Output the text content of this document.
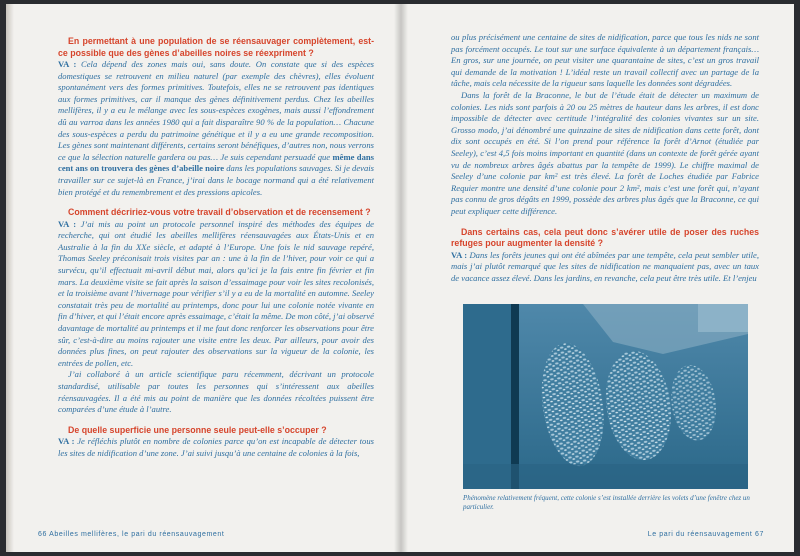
En permettant à une population de se réensauvager complètement, est-ce possible que des gènes d’abeilles noires se réexpriment ?

VA : Cela dépend des zones mais oui, sans doute. On constate que si des espèces domestiques se retrouvent en milieu naturel (par exemple des chèvres), elles évoluent spontanément vers des formes primitives. Toutefois, elles ne se retrouvent pas identiques aux formes primitives, car il manque des gènes définitivement perdus. Chez les abeilles mellifères, il y a eu le mélange avec les sous-espèces exogènes, mais aussi l’effondrement dû au varroa dans les années 1980 qui a fait disparaître 90 % de la population… Chacune des sous-espèces a perdu du patrimoine génétique et il y a eu une grande recomposition. Les gènes sont maintenant différents, certains seront bénéfiques, d’autres non, nous verrons ce que la sélection naturelle gardera ou pas… Je suis cependant persuadé que même dans cent ans on trouvera des gènes d’abeille noire dans les populations sauvages. Si je devais travailler sur ce sujet-là en France, j’irai dans le bocage normand qui a été relativement bien protégé et du remembrement et des pressions apicoles.

Comment décririez-vous votre travail d’observation et de recensement ?

VA : J’ai mis au point un protocole personnel inspiré des méthodes des équipes de recherche, qui ont étudié les abeilles mellifères réensauvagées aux États-Unis et en Australie à la fin du XXe siècle, et adapté à l’Europe. Une fois le nid sauvage repéré, Thomas Seeley préconisait trois visites par an : une à la fin de l’hiver, pour voir ce qui a survécu, qu’il effectuait mi-avril début mai, alors qu’ici je la fais entre fin février et fin mars. La deuxième visite se fait après la saison d’essaimage pour voir les sites recolonisés, et la troisième avant l’hivernage pour vérifier s’il y a eu de la mortalité en automne. Seeley constatait très peu de mortalité au printemps, donc pour lui une colonie notée vivante en fin d’hiver, et qui l’était encore après essaimage, c’était la même. De mon côté, j’ai observé davantage de mortalité au printemps et il me faut donc renforcer les observations pour être sûr, c’est-à-dire au moins rajouter une visite entre les deux. Par ailleurs, pour avoir des données plus fines, on peut rajouter des observations sur la vigueur de la colonie, les entrées de pollen, etc.

J’ai collaboré à un article scientifique paru récemment, décrivant un protocole standardisé, utilisable par toutes les personnes qui s’intéressent aux abeilles réensauvagées. Il a été mis au point de manière que les données récoltées puissent être comparées d’une étude à l’autre.

De quelle superficie une personne seule peut-elle s’occuper ?

VA : Je réfléchis plutôt en nombre de colonies parce qu’on est incapable de détecter tous les sites de nidification d’une zone. J’ai suivi jusqu’à une centaine de colonies à la fois,

66 Abeilles mellifères, le pari du réensauvagement

ou plus précisément une centaine de sites de nidification, parce que tous les nids ne sont pas forcément occupés. Le tout sur une surface équivalente à un département français… En gros, sur une journée, on peut visiter une quarantaine de sites, c’est un gros travail qui demande de la motivation ! L’idéal reste un travail collectif avec un partage de la tâche, mais cela nécessite de la rigueur sans laquelle les données sont dégradées.

Dans la forêt de la Braconne, le but de l’étude était de détecter un maximum de colonies. Les nids sont parfois à 20 ou 25 mètres de hauteur dans les arbres, il est donc impossible de détecter avec certitude l’intégralité des colonies vivantes sur un site. Grosso modo, j’ai dénombré une quinzaine de sites de nidification dans cette forêt, dont dix sont occupés en été. Si l’on prend pour référence la forêt d’Arnot (étudiée par Seeley), c’est 4,5 fois moins important en quantité (dans un contexte de forêt gérée ayant vu de nombreux arbres âgés abattus par la tempête de 1999). Le chiffre maximal de Seeley d’une colonie par km² est très élevé. La forêt de Loches étudiée par Fabrice Requier montre une densité d’une colonie pour 2 km², mais c’est une forêt qui, n’ayant pas connu de gros dégâts en 1999, possède des arbres plus âgés que la Braconne, ce qui peut expliquer cette différence.

Dans certains cas, cela peut donc s’avérer utile de poser des ruches refuges pour augmenter la densité ?

VA : Dans les forêts jeunes qui ont été abîmées par une tempête, cela peut sembler utile, mais j’ai plutôt remarqué que les sites de nidification ne manquaient pas, avec un taux de vacance assez élevé. Dans les jardins, en revanche, cela peut être très utile. Et l’enjeu

Phénomène relativement fréquent, cette colonie s’est installée derrière les volets d’une fenêtre chez un particulier.
Le pari du réensauvagement 67
